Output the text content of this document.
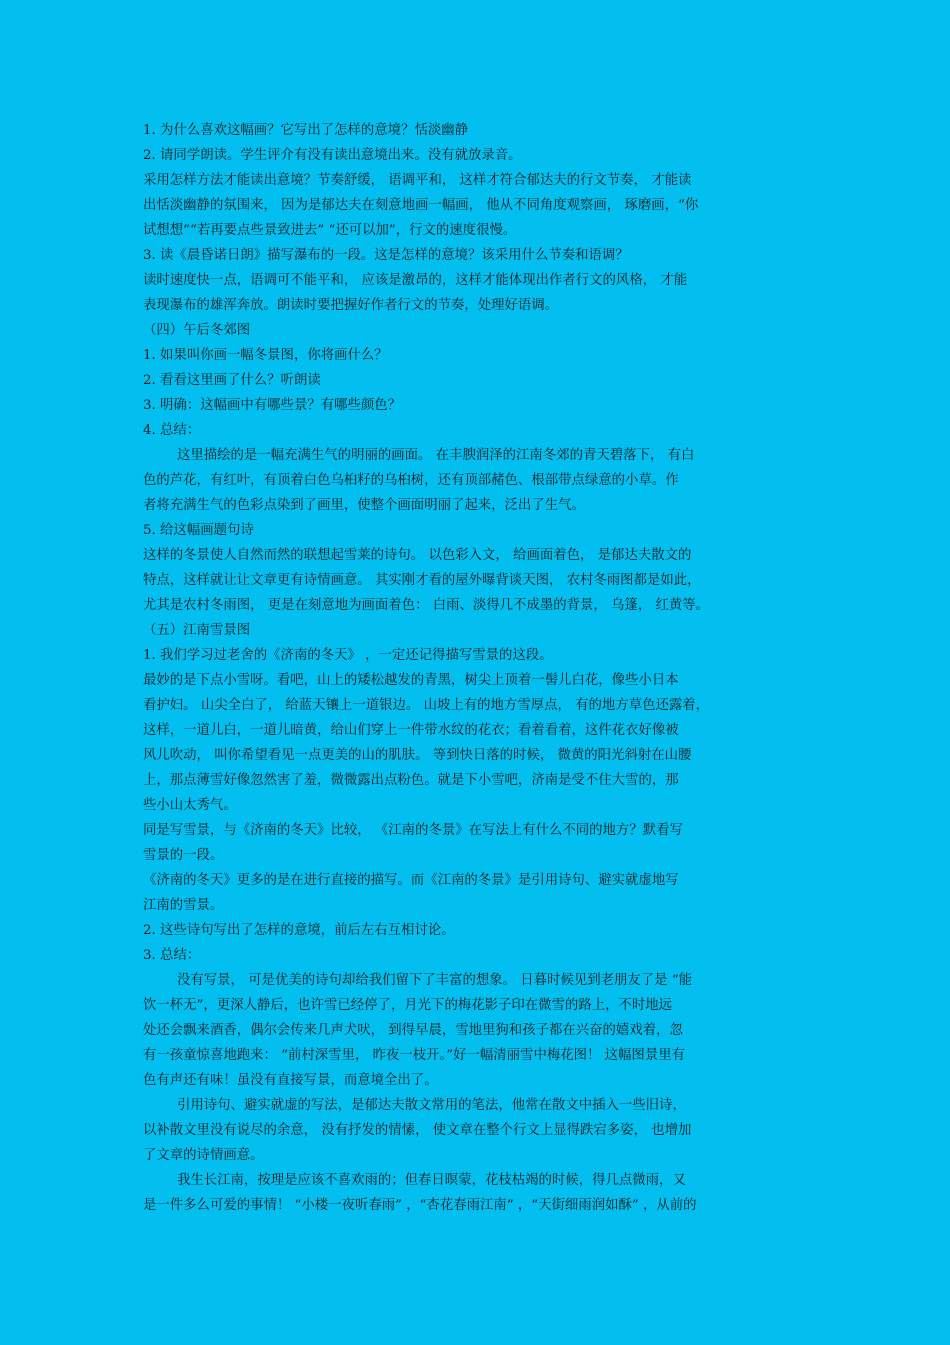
1. 为什么喜欢这幅画？它写出了怎样的意境？恬淡幽静
2. 请同学朗读。学生评介有没有读出意境出来。没有就放录音。
采用怎样方法才能读出意境？节奏舒缓， 语调平和， 这样才符合郁达夫的行文节奏， 才能读
出恬淡幽静的氛围来， 因为是郁达夫在刻意地画一幅画， 他从不同角度观察画， 琢磨画，“你
试想想”“若再要点些景致进去” “还可以加”，行文的速度很慢。
3. 读《晨昏诺日朗》描写瀑布的一段。这是怎样的意境？该采用什么节奏和语调？
读时速度快一点，语调可不能平和， 应该是激昂的，这样才能体现出作者行文的风格， 才能
表现瀑布的雄浑奔放。朗读时要把握好作者行文的节奏，处理好语调。
（四）午后冬郊图
1. 如果叫你画一幅冬景图，你将画什么？
2. 看看这里画了什么？听朗读
3. 明确：这幅画中有哪些景？有哪些颜色？
4. 总结：
这里描绘的是一幅充满生气的明丽的画面。 在丰腴润泽的江南冬郊的青天碧落下， 有白
色的芦花，有红叶，有顶着白色乌桕籽的乌桕树，还有顶部赭色、根部带点绿意的小草。作
者将充满生气的色彩点染到了画里，使整个画面明丽了起来，泛出了生气。
5. 给这幅画题句诗
这样的冬景使人自然而然的联想起雪莱的诗句。 以色彩入文， 给画面着色， 是郁达夫散文的
特点，这样就让让文章更有诗情画意。 其实刚才看的屋外曝背谈天图， 农村冬雨图都是如此，
尤其是农村冬雨图， 更是在刻意地为画面着色： 白雨、淡得几不成墨的背景， 乌篷， 红黄等。
（五）江南雪景图
1. 我们学习过老舍的《济南的冬天》 ，一定还记得描写雪景的这段。
最妙的是下点小雪呀。看吧，山上的矮松越发的青黑，树尖上顶着一髻儿白花，像些小日本
看护妇。 山尖全白了， 给蓝天镶上一道银边。 山坡上有的地方雪厚点， 有的地方草色还露着，
这样，一道儿白，一道儿暗黄，给山们穿上一件带水纹的花衣；看着看着，这件花衣好像被
风儿吹动， 叫你希望看见一点更美的山的肌肤。 等到快日落的时候， 微黄的阳光斜射在山腰
上，那点薄雪好像忽然害了羞，微微露出点粉色。就是下小雪吧，济南是受不住大雪的，那
些小山太秀气。
同是写雪景，与《济南的冬天》比较， 《江南的冬景》在写法上有什么不同的地方？默看写
雪景的一段。
《济南的冬天》更多的是在进行直接的描写。而《江南的冬景》是引用诗句、避实就虚地写
江南的雪景。
2. 这些诗句写出了怎样的意境，前后左右互相讨论。
3. 总结：
没有写景， 可是优美的诗句却给我们留下了丰富的想象。 日暮时候见到老朋友了是 “能
饮一杯无”，更深人静后，也许雪已经停了，月光下的梅花影子印在微雪的路上，不时地远
处还会飘来酒香，偶尔会传来几声犬吠， 到得早晨，雪地里狗和孩子都在兴奋的嬉戏着，忽
有一孩童惊喜地跑来： “前村深雪里， 昨夜一枝开。”好一幅清丽雪中梅花图！ 这幅图景里有
色有声还有味！虽没有直接写景，而意境全出了。
引用诗句、避实就虚的写法，是郁达夫散文常用的笔法，他常在散文中插入一些旧诗，
以补散文里没有说尽的余意， 没有抒发的情愫， 使文章在整个行文上显得跌宕多姿， 也增加
了文章的诗情画意。
我生长江南，按理是应该不喜欢雨的；但春日暝蒙，花枝枯竭的时候，得几点微雨，又
是一件多么可爱的事情！ “小楼一夜听春雨” ，“杏花春雨江南” ，“天街细雨润如酥” ，从前的
